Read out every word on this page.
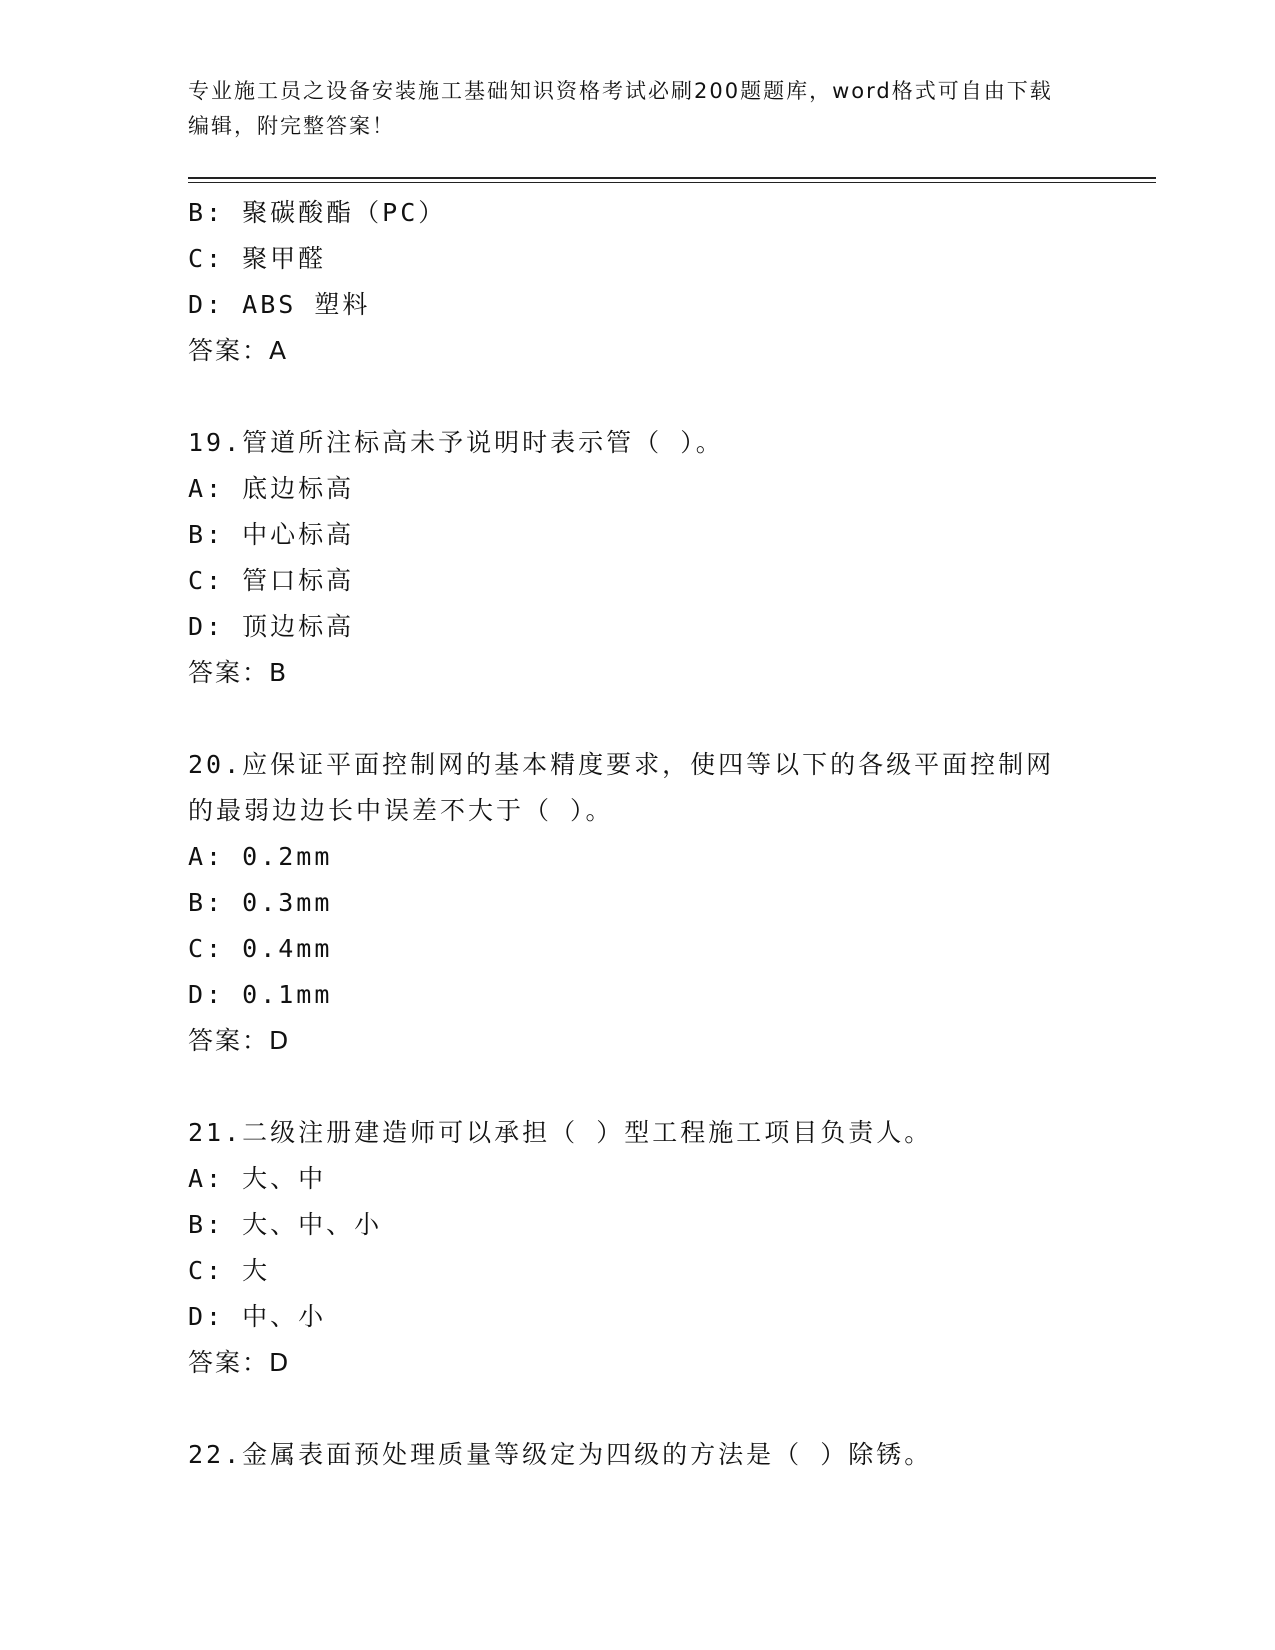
专业施工员之设备安装施工基础知识资格考试必刷200题题库，word格式可自由下载编辑，附完整答案！
B: 聚碳酸酯（PC）
C: 聚甲醛
D: ABS 塑料
答案：A
19.管道所注标高未予说明时表示管（ ）。
A: 底边标高
B: 中心标高
C: 管口标高
D: 顶边标高
答案：B
20.应保证平面控制网的基本精度要求，使四等以下的各级平面控制网
的最弱边边长中误差不大于（ ）。
A: 0.2mm
B: 0.3mm
C: 0.4mm
D: 0.1mm
答案：D
21.二级注册建造师可以承担（ ）型工程施工项目负责人。
A: 大、中
B: 大、中、小
C: 大
D: 中、小
答案：D
22.金属表面预处理质量等级定为四级的方法是（ ）除锈。
